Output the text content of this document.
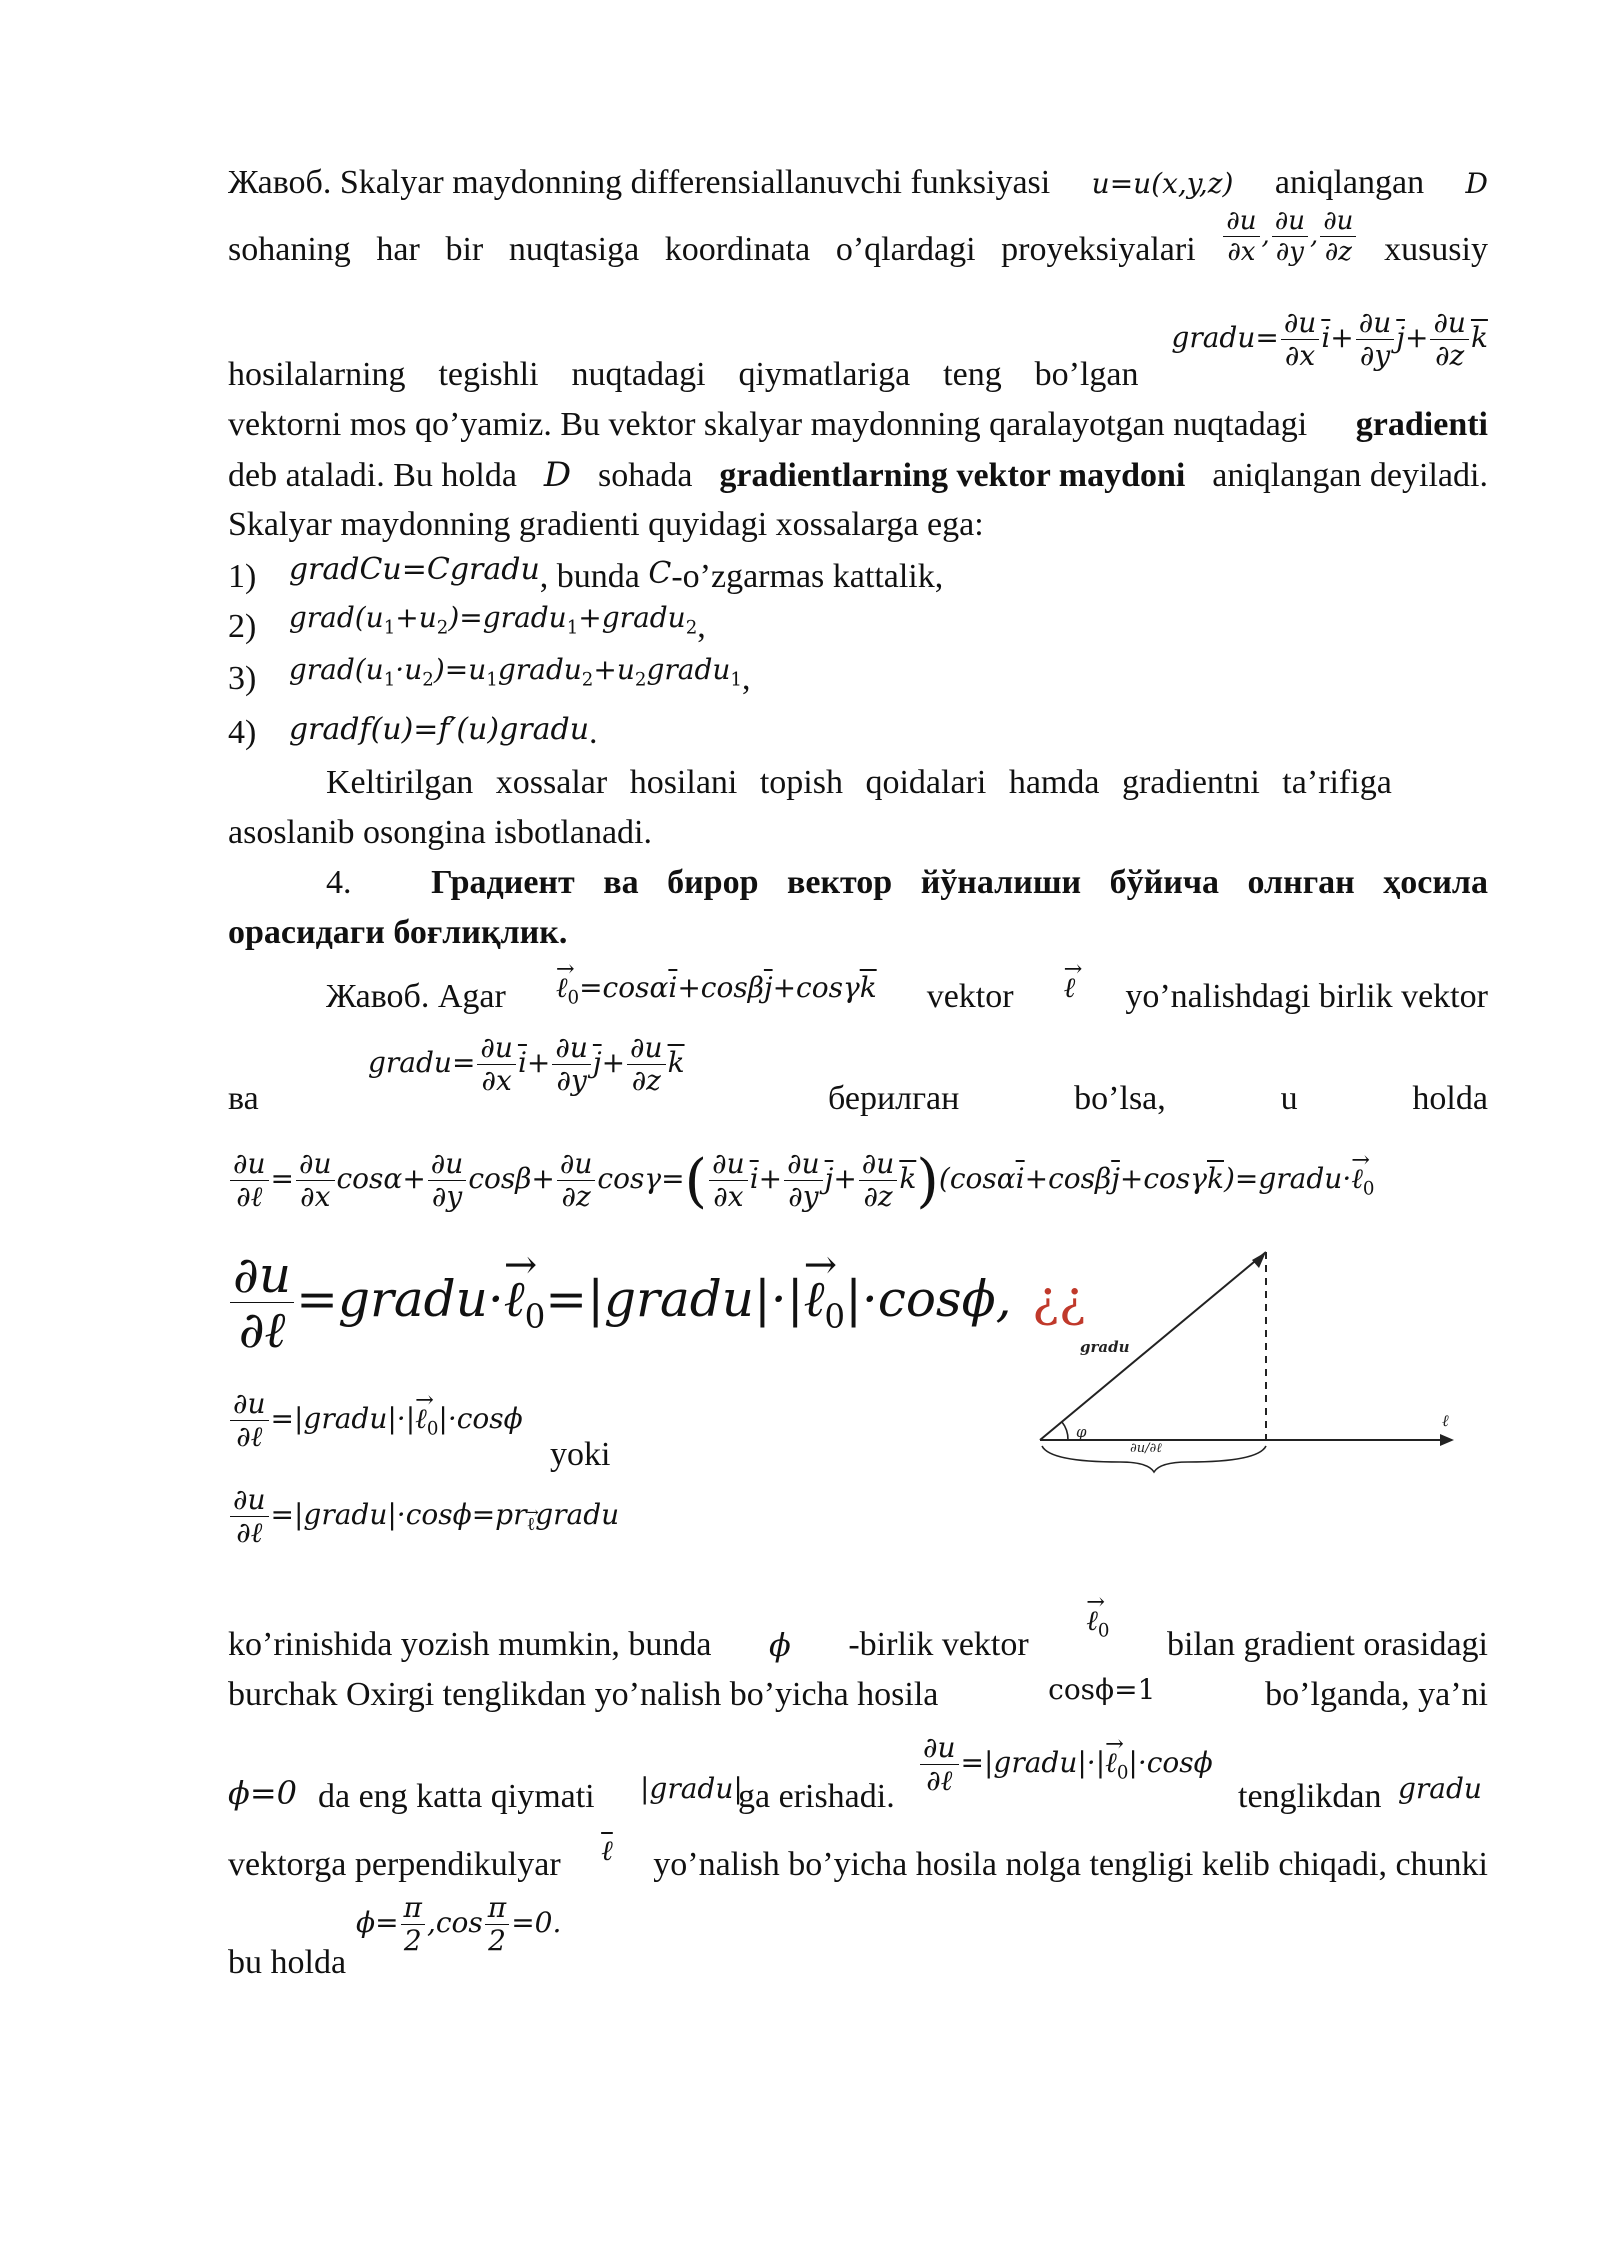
Жавоб. Skalyar maydonning differensiallanuvchi funksiyasi u=u(x,y,z) aniqlangan D
sohaning har bir nuqtasiga koordinata o’qlardagi proyeksiyalari $\frac{\partial u}{\partial x}$ , $\frac{\partial u}{\partial y}$ , $\frac{\partial u}{\partial z}$ xususiy
hosilalarning tegishli nuqtadagi qiymatlariga teng bo’lgan
gradu= $\frac{\partial u}{\partial x} \overline{i}+ \frac{\partial u}{\partial y} \overline{j}+ \frac{\partial u}{\partial z} \overline{k}$
vektorni mos qo’yamiz. Bu vektor skalyar maydonning qaralayotgan nuqtadagi gradienti
deb ataladi. Bu holda D sohada gradientlarning vektor maydoni aniqlangan deyiladi.
Skalyar maydonning gradienti quyidagi xossalarga ega:
1) gradCu=Cgradu, bunda C-o’zgarmas kattalik,
2) $^{grad(u_1+u_2)=gradu_1+gradu_2}$,
3) $^{grad(u_1\cdot u_2)=u_1gradu_2+u_2gradu_1}$,
4) gradf(u)=f′(u)gradu.
Keltirilgan xossalar hosilani topish qoidalari hamda gradientni ta’rifiga
asoslanib osongina isbotlanadi.
4. Градиент ва бирор вектор йўналиши бўйича олнган ҳосила
орасидаги боғлиқлик.
Жавоб. Agar → $\ell_0=\cos\alpha\overline{i}+\cos\beta\overline{j}+\cos\gamma\overline{k}$ vektor → ℓ yo’nalishdagi birlik vektor
ва
gradu= $\frac{\partial u}{\partial x} \overline{i}+ \frac{\partial u}{\partial y} \overline{j}+ \frac{\partial u}{\partial z} \overline{k}$
берилган	bo’lsa,	u	holda
$\frac{\partial u}{\text{∂ℓ}} = \frac{\partial u}{\partial x} \cos\alpha+ \frac{\partial u}{\partial y} \cos\beta+ \frac{\partial u}{\partial z} \cos\gamma=( \frac{\partial u}{\partial x} \overline{i}+ \frac{\partial u}{\partial y} \overline{j}+ \frac{\partial u}{\partial z}$ $\overline{k})(\cos\alpha\overline{i}+\cos\beta\overline{j}+\cos\gamma\overline{k})=gradu\cdot\to$ ℓ$_0$
$\frac{\partial u}{\text{∂ℓ}}$ =gradu·→ ℓ$_0$=|gradu|·|→ ℓ$_0$|·cosϕ, ¿¿
$\frac{\partial u}{\text{∂ℓ}}$ =|gradu|·|→ ℓ$_0$|·cosϕ
yoki
$\frac{\partial u}{\text{∂ℓ}}$ =|gradu|·cosϕ=pr→ $_\ell$gradu
ko’rinishida yozish mumkin, bunda ϕ -birlik vektor
→ ℓ$_0$ bilan gradient orasidagi
burchak Oxirgi tenglikdan yo’nalish bo’yicha hosila	cosϕ=1	bo’lganda, ya’ni
ϕ=0 da eng katta qiymati |gradu|
ga erishadi.
$\frac{\partial u}{\text{∂ℓ}}$ =|gradu|·|→ ℓ$_0$|·cosϕ
tenglikdan gradu
vektorga perpendikulyar ℓ yo’nalish bo’yicha hosila nolga tengligi kelib chiqadi, chunki
bu holda
$\phi= \frac{\pi}{2} ,\cos \frac{\pi}{2} =0$.
gradu
φ
∂u/∂ℓ
ℓ
